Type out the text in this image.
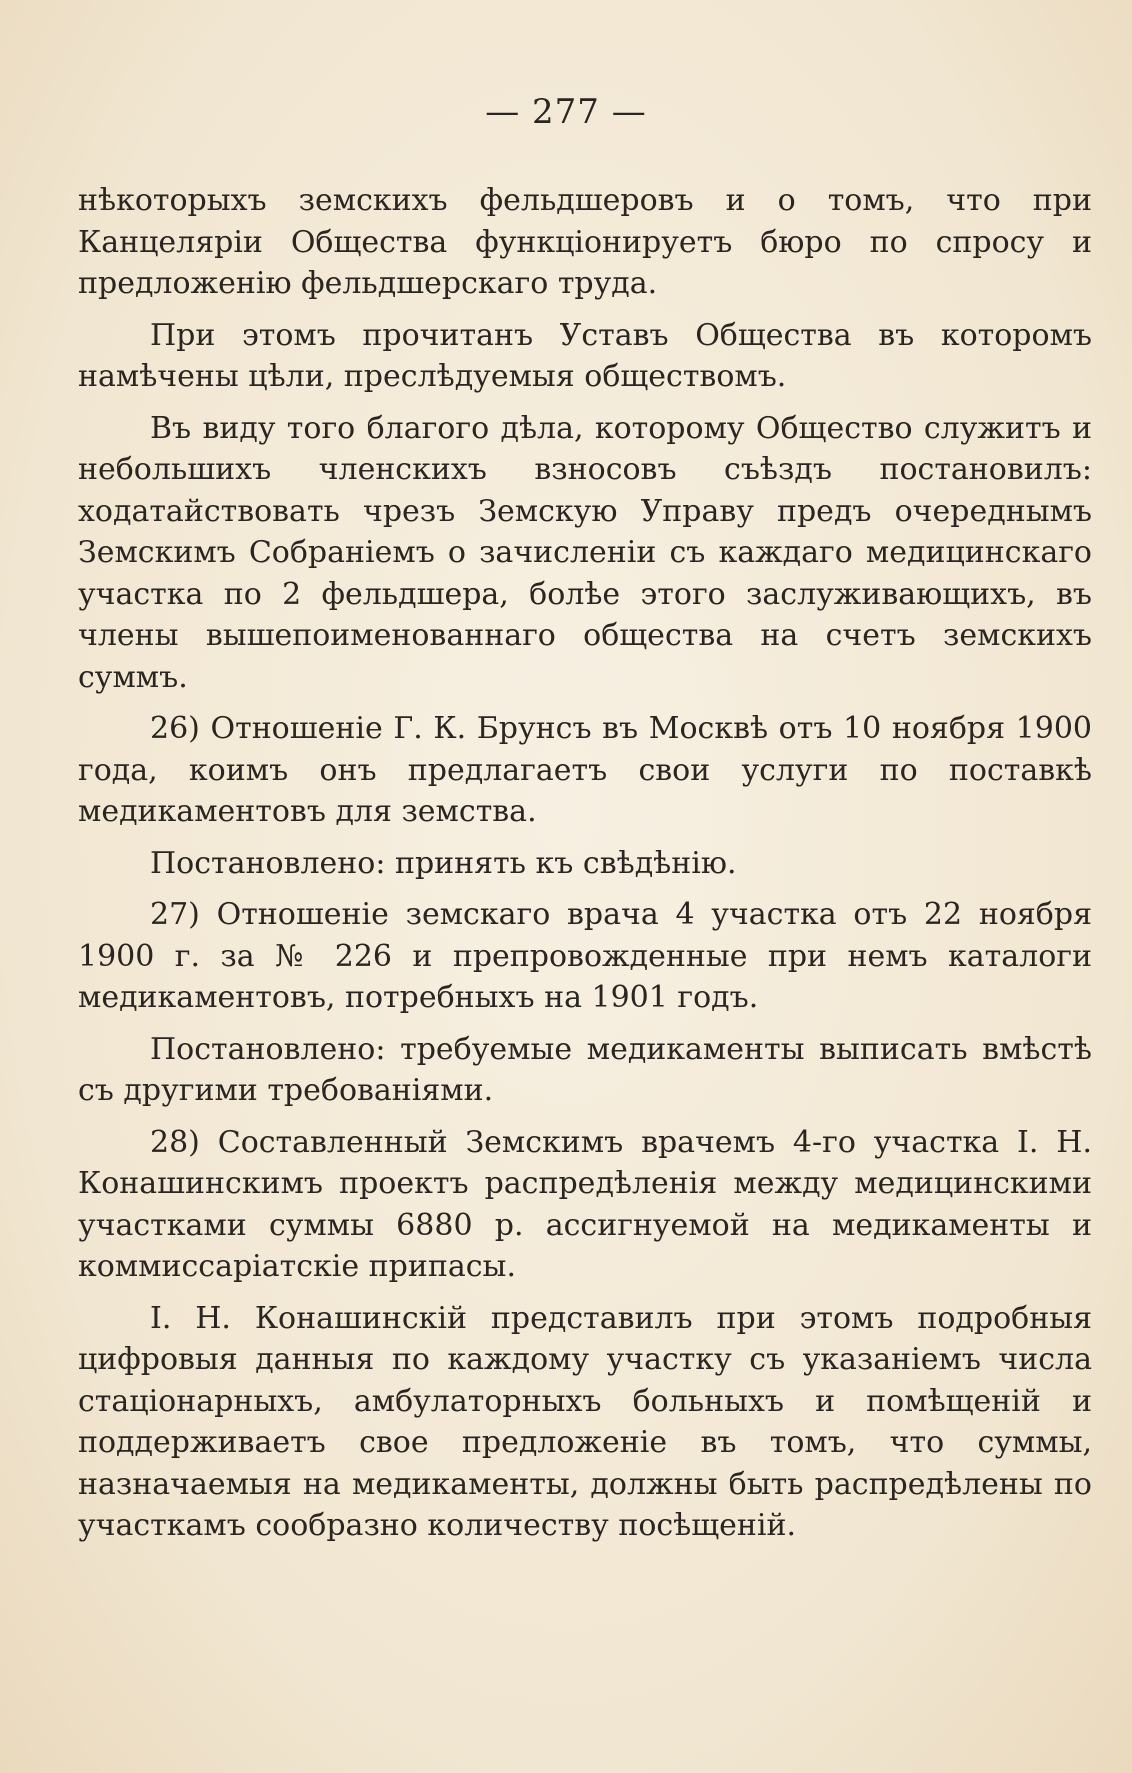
— 277 —

нѣкоторыхъ земскихъ фельдшеровъ и о томъ, что при Канцеляріи Общества функціонируетъ бюро по спросу и предложенію фельдшерскаго труда.

При этомъ прочитанъ Уставъ Общества въ которомъ намѣчены цѣли, преслѣдуемыя обществомъ.

Въ виду того благого дѣла, которому Общество служитъ и небольшихъ членскихъ взносовъ съѣздъ постановилъ: ходатайствовать чрезъ Земскую Управу предъ очереднымъ Земскимъ Собраніемъ о зачисленіи съ каждаго медицинскаго участка по 2 фельдшера, болѣе этого заслуживающихъ, въ члены вышепоименованнаго общества на счетъ земскихъ суммъ.

26) Отношеніе Г. К. Брунсъ въ Москвѣ отъ 10 ноября 1900 года, коимъ онъ предлагаетъ свои услуги по поставкѣ медикаментовъ для земства.

Постановлено: принять къ свѣдѣнію.

27) Отношеніе земскаго врача 4 участка отъ 22 ноября 1900 г. за № 226 и препровожденные при немъ каталоги медикаментовъ, потребныхъ на 1901 годъ.

Постановлено: требуемые медикаменты выписать вмѣстѣ съ другими требованіями.

28) Составленный Земскимъ врачемъ 4-го участка І. Н. Конашинскимъ проектъ распредѣленія между медицинскими участками суммы 6880 р. ассигнуемой на медикаменты и коммиссаріатскіе припасы.

І. Н. Конашинскій представилъ при этомъ подробныя цифровыя данныя по каждому участку съ указаніемъ числа стаціонарныхъ, амбулаторныхъ больныхъ и помѣщеній и поддерживаетъ свое предложеніе въ томъ, что суммы, назначаемыя на медикаменты, должны быть распредѣлены по участкамъ сообразно количеству посѣщеній.
